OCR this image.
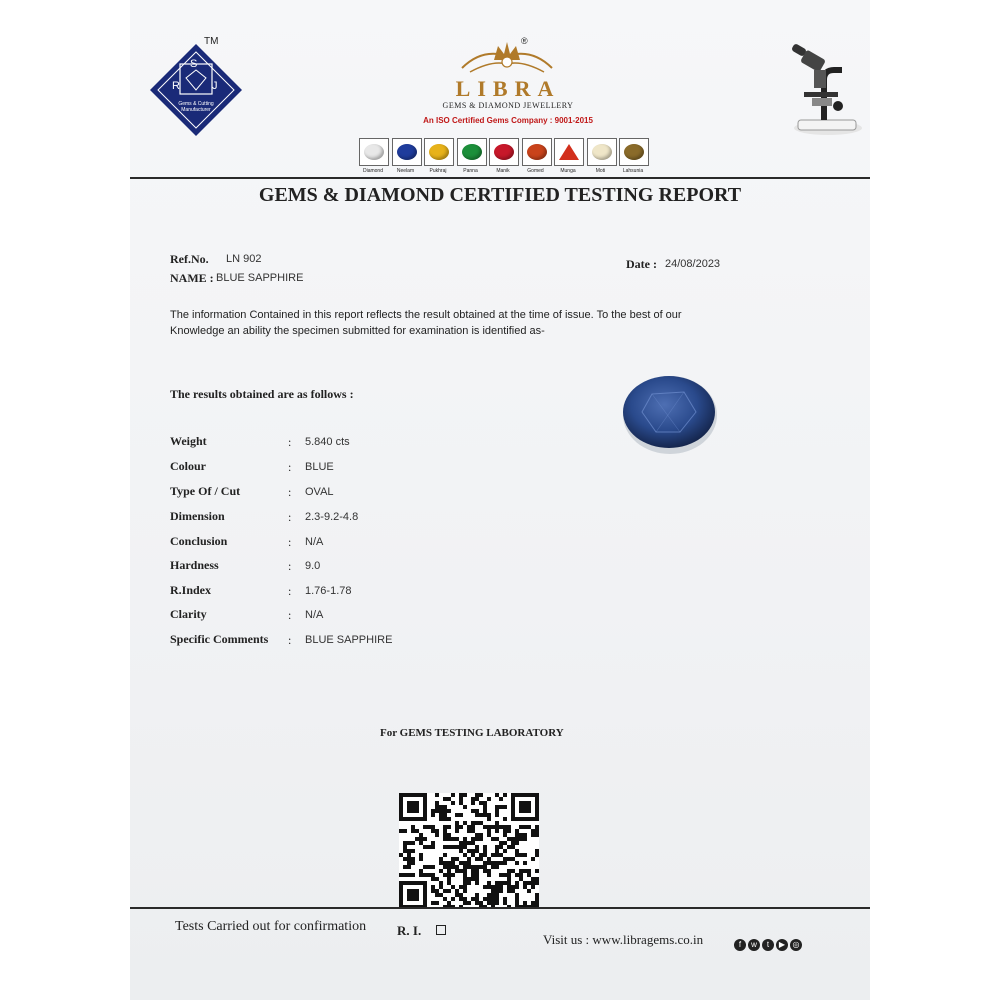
S
R	J
Gems & Cutting Manufacturer
TM	®
LIBRA
GEMS & DIAMOND JEWELLERY
An ISO Certified Gems Company : 9001-2015
Diamond	Neelam	Pukhraj	Panna	Manik	Gomed	Munga	Moti	Lahsunia
GEMS & DIAMOND CERTIFIED TESTING REPORT
Ref.No. LN 902
NAME : BLUE SAPPHIRE
Date : 24/08/2023
The information Contained in this report reflects the result obtained at the time of issue. To the best of our
Knowledge an ability the specimen submitted for examination is identified as-
The results obtained are as follows :
Weight	: 5.840 cts
Colour	: BLUE
Type Of / Cut	: OVAL
Dimension	: 2.3-9.2-4.8
Conclusion	: N/A
Hardness	: 9.0
R.Index	: 1.76-1.78
Clarity	: N/A
Specific Comments : BLUE SAPPHIRE
For GEMS TESTING LABORATORY
Tests Carried out for confirmation R. I.
Visit us : www.libragems.co.in	f	w	t	▶ ◎
